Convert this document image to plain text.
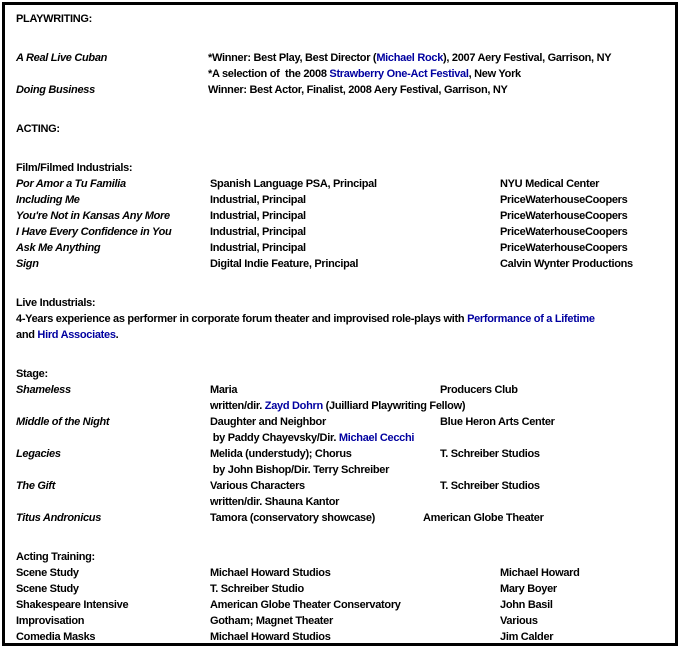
PLAYWRITING:
A Real Live Cuban	*Winner: Best Play, Best Director (Michael Rock), 2007 Aery Festival, Garrison, NY
*A selection of  the 2008 Strawberry One-Act Festival, New York
Doing Business	Winner: Best Actor, Finalist, 2008 Aery Festival, Garrison, NY
ACTING:
Film/Filmed Industrials:
Por Amor a Tu Familia	Spanish Language PSA, Principal	NYU Medical Center
Including Me	Industrial, Principal	PriceWaterhouseCoopers
You're Not in Kansas Any More	Industrial, Principal	PriceWaterhouseCoopers
I Have Every Confidence in You	Industrial, Principal	PriceWaterhouseCoopers
Ask Me Anything	Industrial, Principal	PriceWaterhouseCoopers
Sign	Digital Indie Feature, Principal	Calvin Wynter Productions
Live Industrials:
4-Years experience as performer in corporate forum theater and improvised role-plays with Performance of a Lifetime
and Hird Associates.
Stage:
Shameless	Maria	Producers Club
written/dir. Zayd Dohrn (Juilliard Playwriting Fellow)
Middle of the Night	Daughter and Neighbor	Blue Heron Arts Center
by Paddy Chayevsky/Dir. Michael Cecchi
Legacies	Melida (understudy); Chorus	T. Schreiber Studios
by John Bishop/Dir. Terry Schreiber
The Gift	Various Characters	T. Schreiber Studios
written/dir. Shauna Kantor
Titus Andronicus	Tamora (conservatory showcase)	American Globe Theater
Acting Training:
Scene Study	Michael Howard Studios	Michael Howard
Scene Study	T. Schreiber Studio	Mary Boyer
Shakespeare Intensive	American Globe Theater Conservatory	John Basil
Improvisation	Gotham; Magnet Theater	Various
Comedia Masks	Michael Howard Studios	Jim Calder
